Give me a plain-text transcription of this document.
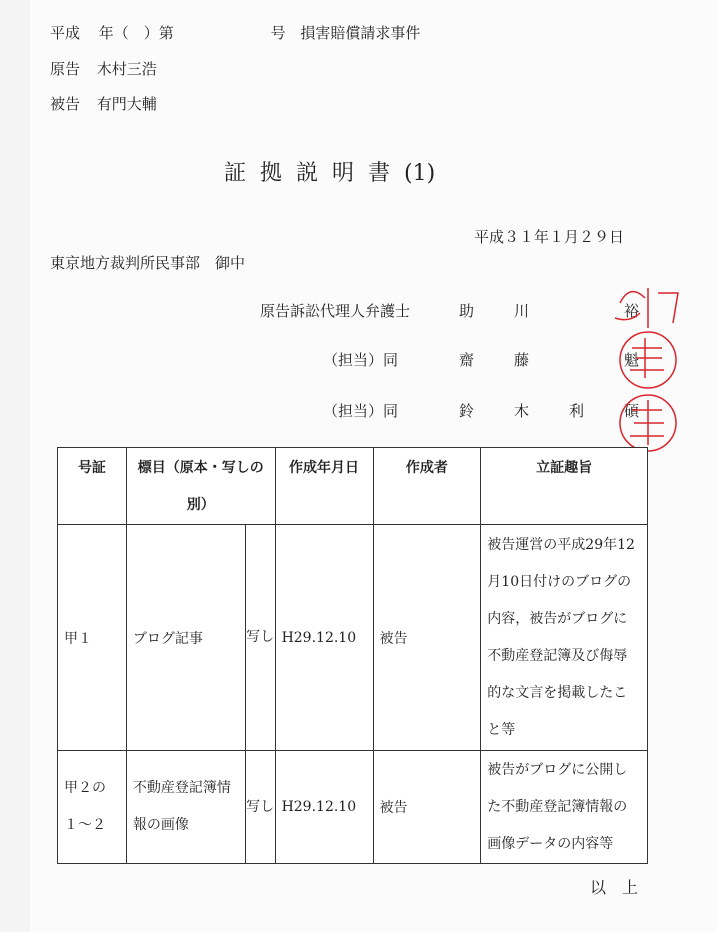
平成 年（　）第	号 損害賠償請求事件
原告 木村三浩
被告 有門大輔
証拠説明書(1)
平成３１年１月２９日
東京地方裁判所民事部　御中
原告訴訟代理人弁護士	助	川	裕
（担当）同	齋	藤	魁
（担当）同	鈴	木	利	碩
号証	標目（原本・写しの別）		作成年月日	作成者	立証趣旨
甲１	ブログ記事	写し	H29.12.10	被告	被告運営の平成29年12月10日付けのブログの内容，被告がブログに不動産登記簿及び侮辱的な文言を掲載したこと等
甲２の１～２	不動産登記簿情報の画像	写し	H29.12.10	被告	被告がブログに公開した不動産登記簿情報の画像データの内容等
以　上
